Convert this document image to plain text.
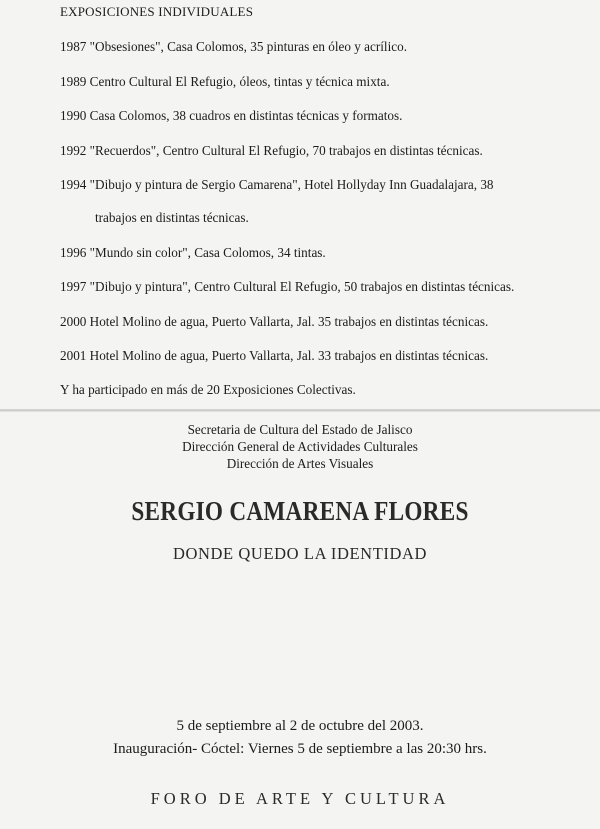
EXPOSICIONES INDIVIDUALES
1987 "Obsesiones", Casa Colomos, 35 pinturas en óleo y acrílico.
1989 Centro Cultural El Refugio, óleos, tintas y técnica mixta.
1990 Casa Colomos, 38 cuadros en distintas técnicas y formatos.
1992 "Recuerdos", Centro Cultural El Refugio, 70 trabajos en distintas técnicas.
1994 "Dibujo y pintura de Sergio Camarena", Hotel Hollyday Inn Guadalajara, 38
trabajos en distintas técnicas.
1996 "Mundo sin color", Casa Colomos, 34 tintas.
1997 "Dibujo y pintura", Centro Cultural El Refugio, 50 trabajos en distintas técnicas.
2000 Hotel Molino de agua, Puerto Vallarta, Jal. 35 trabajos en distintas técnicas.
2001 Hotel Molino de agua, Puerto Vallarta, Jal. 33 trabajos en distintas técnicas.
Y ha participado en más de 20 Exposiciones Colectivas.
Secretaria de Cultura del Estado de Jalisco
Dirección General de Actividades Culturales
Dirección de Artes Visuales
SERGIO CAMARENA FLORES
DONDE QUEDO LA IDENTIDAD
5 de septiembre al 2 de octubre del 2003.
Inauguración- Cóctel: Viernes 5 de septiembre a las 20:30 hrs.
FORO DE ARTE Y CULTURA
